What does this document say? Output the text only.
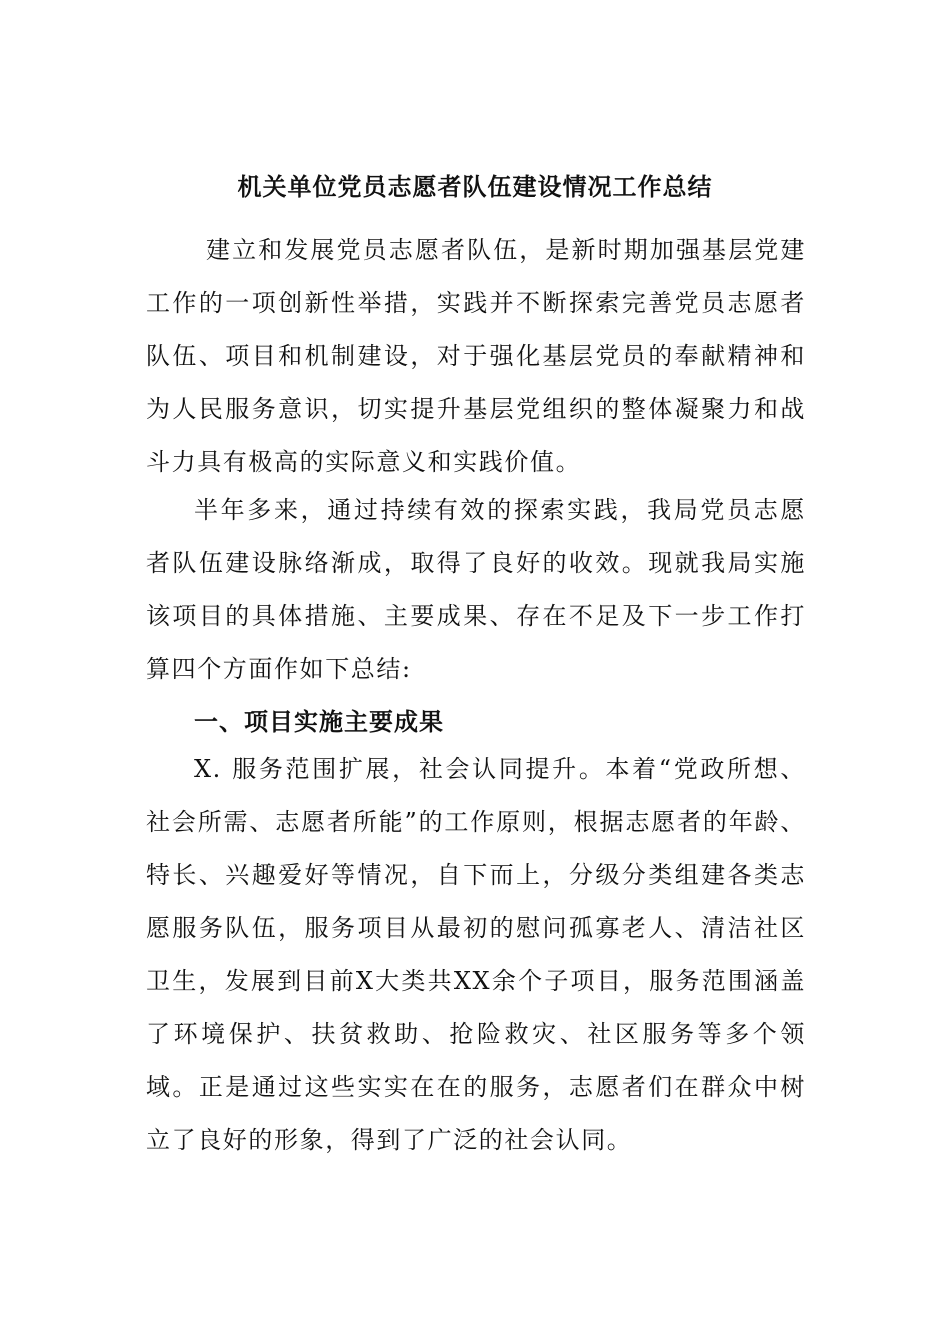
机关单位党员志愿者队伍建设情况工作总结

建立和发展党员志愿者队伍，是新时期加强基层党建工作的一项创新性举措，实践并不断探索完善党员志愿者队伍、项目和机制建设，对于强化基层党员的奉献精神和为人民服务意识，切实提升基层党组织的整体凝聚力和战斗力具有极高的实际意义和实践价值。

半年多来，通过持续有效的探索实践，我局党员志愿者队伍建设脉络渐成，取得了良好的收效。现就我局实施该项目的具体措施、主要成果、存在不足及下一步工作打算四个方面作如下总结:

一、项目实施主要成果

X. 服务范围扩展，社会认同提升。本着“党政所想、社会所需、志愿者所能”的工作原则，根据志愿者的年龄、特长、兴趣爱好等情况，自下而上，分级分类组建各类志愿服务队伍，服务项目从最初的慰问孤寡老人、清洁社区卫生，发展到目前X大类共XX余个子项目，服务范围涵盖了环境保护、扶贫救助、抢险救灾、社区服务等多个领域。正是通过这些实实在在的服务，志愿者们在群众中树立了良好的形象，得到了广泛的社会认同。
